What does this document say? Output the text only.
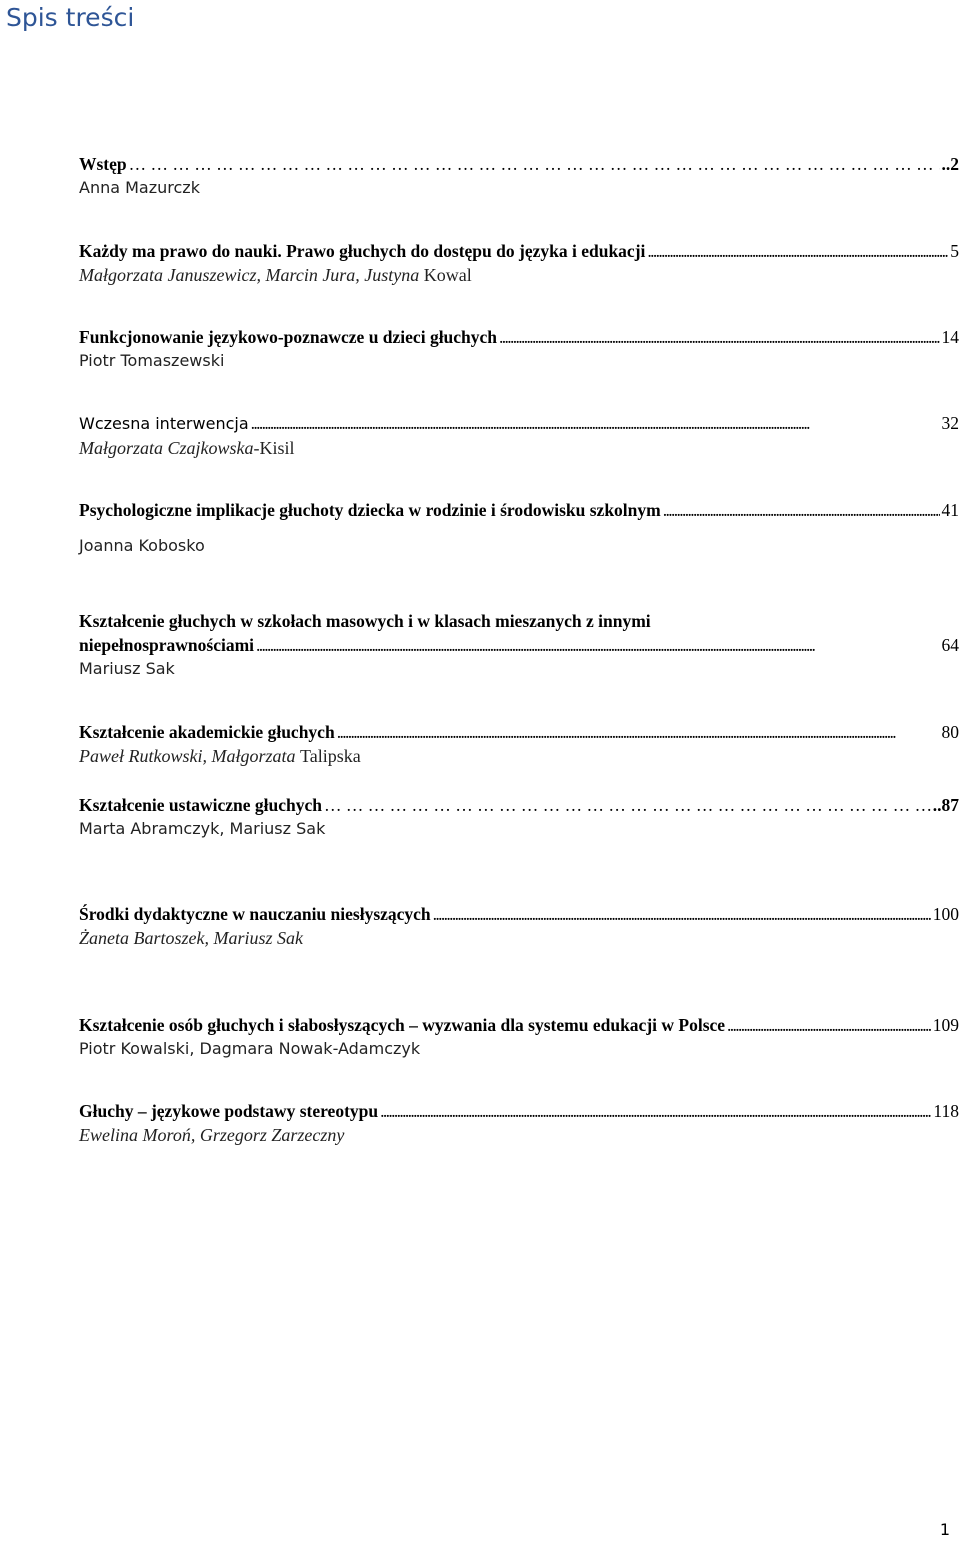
Spis treści
Wstęp … … … … … … … … … … … … … … … … … … … … … … … … … … … … … … … … … … … … … … … … … … … … … … … … … … … … … … … … … … … … … … … … … … … … … … … … … … … … … … … … … … … … … … … … … … … … … … … … … … … … … …	..2
Anna Mazurczk
Każdy ma prawo do nauki. Prawo głuchych do dostępu do języka i edukacji . . .	5
Małgorzata Januszewicz, Marcin Jura, Justyna Kowal
Funkcjonowanie językowo-poznawcze u dzieci głuchych . . .	14
Piotr Tomaszewski
Wczesna interwencja . . .	32
Małgorzata Czajkowska-Kisil
Psychologiczne implikacje głuchoty dziecka w rodzinie i środowisku szkolnym . . .	41
Joanna Kobosko
Kształcenie głuchych w szkołach masowych i w klasach mieszanych z innymi
niepełnosprawnościami . . .	64
Mariusz Sak
Kształcenie akademickie głuchych . . .	80
Paweł Rutkowski, Małgorzata Talipska
Kształcenie ustawiczne głuchych … … … … … … … … … … … … … … … … … … … … … … … … … … … … … … … … … … … … … … … … … … … … … … … … … … … … … … … … … … … … … … … … … … … … … … … … … … … … … … … … … … … … … … … … … … … … … … … … … … … … … …	..87
Marta Abramczyk, Mariusz Sak
Środki dydaktyczne w nauczaniu niesłyszących . . .	100
Żaneta Bartoszek, Mariusz Sak
Kształcenie osób głuchych i słabosłyszących – wyzwania dla systemu edukacji w Polsce . . .	109
Piotr Kowalski, Dagmara Nowak-Adamczyk
Głuchy – językowe podstawy stereotypu . . .	118
Ewelina Moroń, Grzegorz Zarzeczny
1
